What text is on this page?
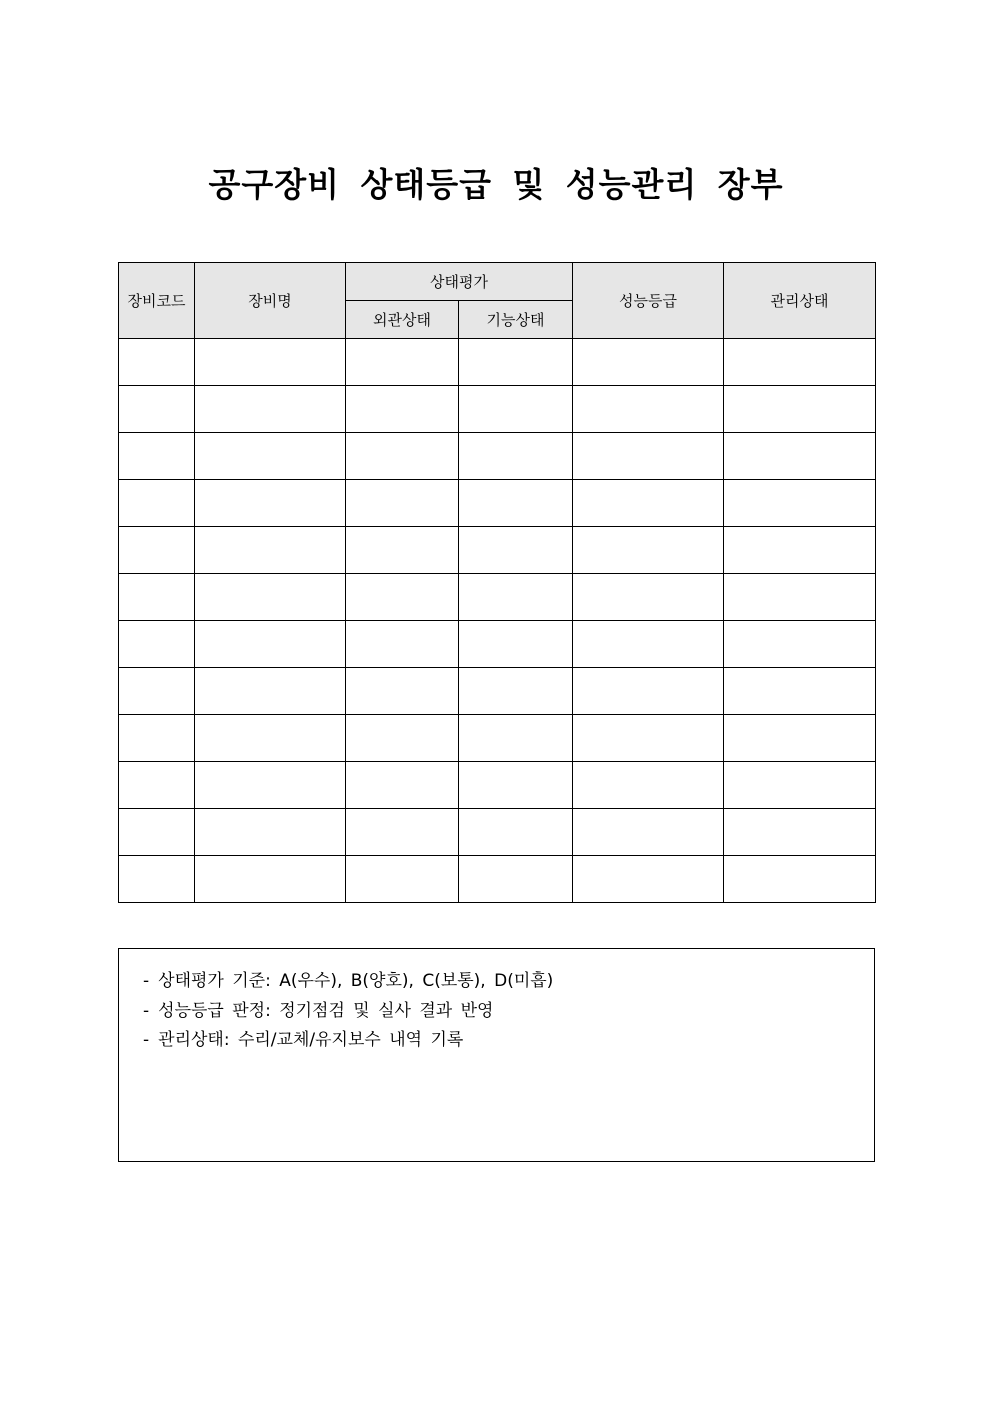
공구장비 상태등급 및 성능관리 장부
장비코드	장비명	상태평가		성능등급	관리상태
		외관상태	기능상태		

- 상태평가 기준: A(우수), B(양호), C(보통), D(미흡)
- 성능등급 판정: 정기점검 및 실사 결과 반영
- 관리상태: 수리/교체/유지보수 내역 기록
